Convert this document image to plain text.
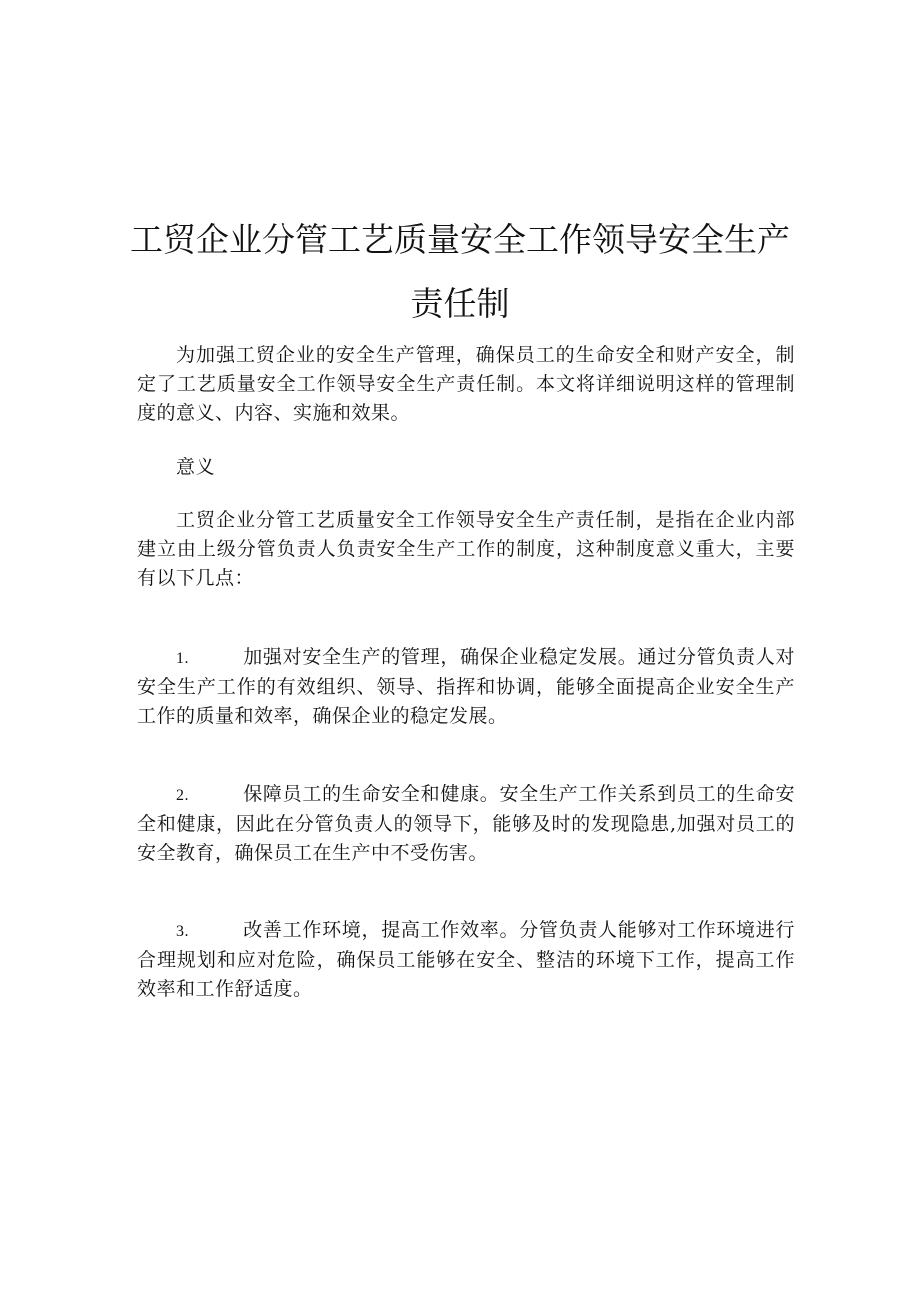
工贸企业分管工艺质量安全工作领导安全生产
责任制

为加强工贸企业的安全生产管理，确保员工的生命安全和财产安全，制定了工艺质量安全工作领导安全生产责任制。本文将详细说明这样的管理制度的意义、内容、实施和效果。

意义

工贸企业分管工艺质量安全工作领导安全生产责任制，是指在企业内部建立由上级分管负责人负责安全生产工作的制度，这种制度意义重大，主要有以下几点：

1.	加强对安全生产的管理，确保企业稳定发展。通过分管负责人对安全生产工作的有效组织、领导、指挥和协调，能够全面提高企业安全生产工作的质量和效率，确保企业的稳定发展。

2.	保障员工的生命安全和健康。安全生产工作关系到员工的生命安全和健康，因此在分管负责人的领导下，能够及时的发现隐患,加强对员工的安全教育，确保员工在生产中不受伤害。

3.	改善工作环境，提高工作效率。分管负责人能够对工作环境进行合理规划和应对危险，确保员工能够在安全、整洁的环境下工作，提高工作效率和工作舒适度。
